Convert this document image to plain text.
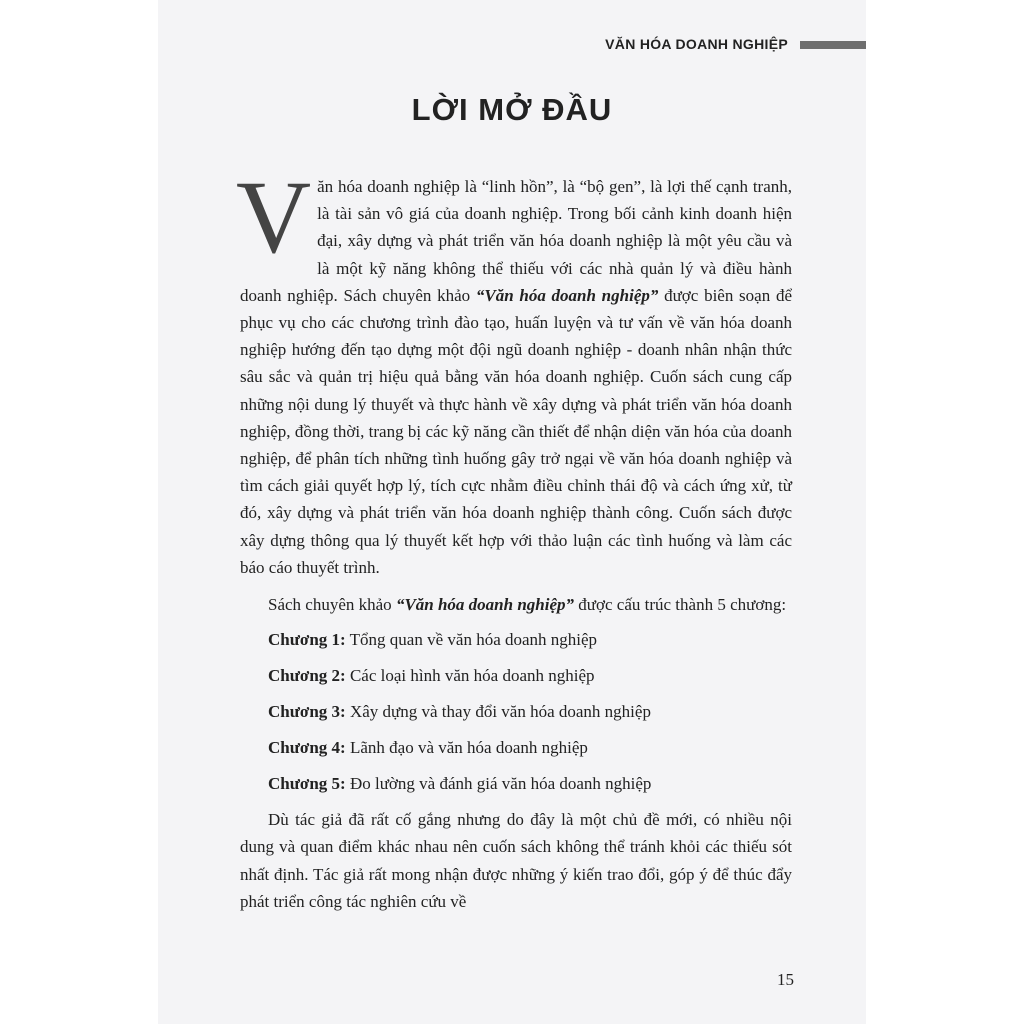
VĂN HÓA DOANH NGHIỆP
LỜI MỞ ĐẦU

Văn hóa doanh nghiệp là “linh hồn”, là “bộ gen”, là lợi thế cạnh tranh, là tài sản vô giá của doanh nghiệp. Trong bối cảnh kinh doanh hiện đại, xây dựng và phát triển văn hóa doanh nghiệp là một yêu cầu và là một kỹ năng không thể thiếu với các nhà quản lý và điều hành doanh nghiệp. Sách chuyên khảo “Văn hóa doanh nghiệp” được biên soạn để phục vụ cho các chương trình đào tạo, huấn luyện và tư vấn về văn hóa doanh nghiệp hướng đến tạo dựng một đội ngũ doanh nghiệp - doanh nhân nhận thức sâu sắc và quản trị hiệu quả bằng văn hóa doanh nghiệp. Cuốn sách cung cấp những nội dung lý thuyết và thực hành về xây dựng và phát triển văn hóa doanh nghiệp, đồng thời, trang bị các kỹ năng cần thiết để nhận diện văn hóa của doanh nghiệp, để phân tích những tình huống gây trở ngại về văn hóa doanh nghiệp và tìm cách giải quyết hợp lý, tích cực nhằm điều chỉnh thái độ và cách ứng xử, từ đó, xây dựng và phát triển văn hóa doanh nghiệp thành công. Cuốn sách được xây dựng thông qua lý thuyết kết hợp với thảo luận các tình huống và làm các báo cáo thuyết trình.

Sách chuyên khảo “Văn hóa doanh nghiệp” được cấu trúc thành 5 chương:

Chương 1: Tổng quan về văn hóa doanh nghiệp
Chương 2: Các loại hình văn hóa doanh nghiệp
Chương 3: Xây dựng và thay đổi văn hóa doanh nghiệp
Chương 4: Lãnh đạo và văn hóa doanh nghiệp
Chương 5: Đo lường và đánh giá văn hóa doanh nghiệp

Dù tác giả đã rất cố gắng nhưng do đây là một chủ đề mới, có nhiều nội dung và quan điểm khác nhau nên cuốn sách không thể tránh khỏi các thiếu sót nhất định. Tác giả rất mong nhận được những ý kiến trao đổi, góp ý để thúc đẩy phát triển công tác nghiên cứu về

15
